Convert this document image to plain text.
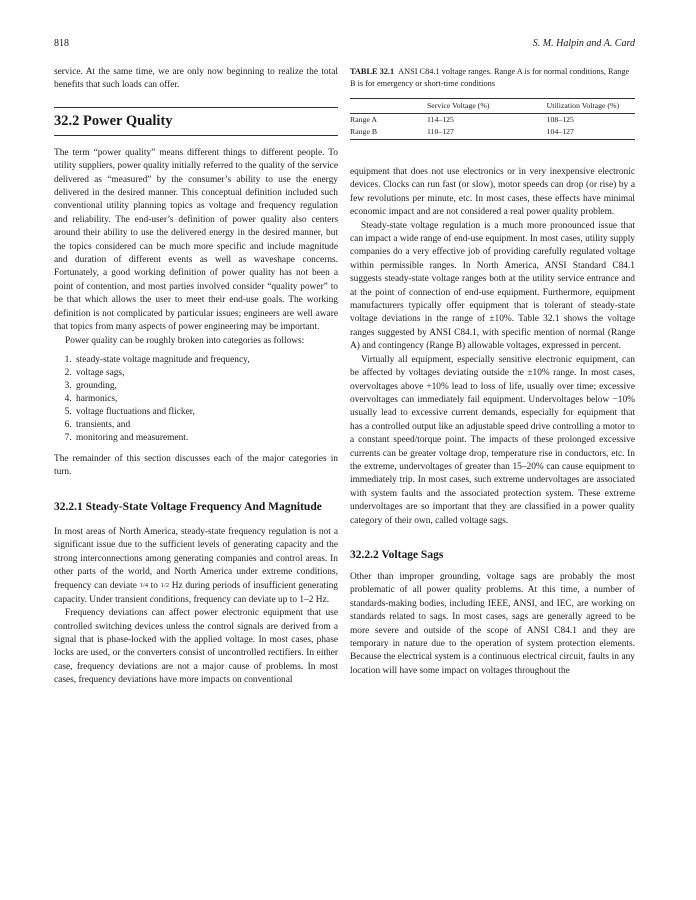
818	S. M. Halpin and A. Card

service. At the same time, we are only now beginning to realize the total benefits that such loads can offer.

32.2 Power Quality

The term “power quality” means different things to different people. To utility suppliers, power quality initially referred to the quality of the service delivered as “measured” by the consumer’s ability to use the energy delivered in the desired manner. This conceptual definition included such conventional utility planning topics as voltage and frequency regulation and reliability. The end-user’s definition of power quality also centers around their ability to use the delivered energy in the desired manner, but the topics considered can be much more specific and include magnitude and duration of different events as well as waveshape concerns. Fortunately, a good working definition of power quality has not been a point of contention, and most parties involved consider “quality power” to be that which allows the user to meet their end-use goals. The working definition is not complicated by particular issues; engineers are well aware that topics from many aspects of power engineering may be important.

Power quality can be roughly broken into categories as follows:

1. steady-state voltage magnitude and frequency,
2. voltage sags,
3. grounding,
4. harmonics,
5. voltage fluctuations and flicker,
6. transients, and
7. monitoring and measurement.

The remainder of this section discusses each of the major categories in turn.

32.2.1 Steady-State Voltage Frequency And Magnitude

In most areas of North America, steady-state frequency regulation is not a significant issue due to the sufficient levels of generating capacity and the strong interconnections among generating companies and control areas. In other parts of the world, and North America under extreme conditions, frequency can deviate 1/4 to 1/2 Hz during periods of insufficient generating capacity. Under transient conditions, frequency can deviate up to 1–2 Hz.

Frequency deviations can affect power electronic equipment that use controlled switching devices unless the control signals are derived from a signal that is phase-locked with the applied voltage. In most cases, phase locks are used, or the converters consist of uncontrolled rectifiers. In either case, frequency deviations are not a major cause of problems. In most cases, frequency deviations have more impacts on conventional

TABLE 32.1 ANSI C84.1 voltage ranges. Range A is for normal conditions, Range B is for emergency or short-time conditions
	Service Voltage (%)	Utilization Voltage (%)
Range A	114–125	108–125
Range B	110–127	104–127

equipment that does not use electronics or in very inexpensive electronic devices. Clocks can run fast (or slow), motor speeds can drop (or rise) by a few revolutions per minute, etc. In most cases, these effects have minimal economic impact and are not considered a real power quality problem.

Steady-state voltage regulation is a much more pronounced issue that can impact a wide range of end-use equipment. In most cases, utility supply companies do a very effective job of providing carefully regulated voltage within permissible ranges. In North America, ANSI Standard C84.1 suggests steady-state voltage ranges both at the utility service entrance and at the point of connection of end-use equipment. Furthermore, equipment manufacturers typically offer equipment that is tolerant of steady-state voltage deviations in the range of ±10%. Table 32.1 shows the voltage ranges suggested by ANSI C84.1, with specific mention of normal (Range A) and contingency (Range B) allowable voltages, expressed in percent.

Virtually all equipment, especially sensitive electronic equipment, can be affected by voltages deviating outside the ±10% range. In most cases, overvoltages above +10% lead to loss of life, usually over time; excessive overvoltages can immediately fail equipment. Undervoltages below −10% usually lead to excessive current demands, especially for equipment that has a controlled output like an adjustable speed drive controlling a motor to a constant speed/torque point. The impacts of these prolonged excessive currents can be greater voltage drop, temperature rise in conductors, etc. In the extreme, undervoltages of greater than 15–20% can cause equipment to immediately trip. In most cases, such extreme undervoltages are associated with system faults and the associated protection system. These extreme undervoltages are so important that they are classified in a power quality category of their own, called voltage sags.

32.2.2 Voltage Sags

Other than improper grounding, voltage sags are probably the most problematic of all power quality problems. At this time, a number of standards-making bodies, including IEEE, ANSI, and IEC, are working on standards related to sags. In most cases, sags are generally agreed to be more severe and outside of the scope of ANSI C84.1 and they are temporary in nature due to the operation of system protection elements. Because the electrical system is a continuous electrical circuit, faults in any location will have some impact on voltages throughout the
